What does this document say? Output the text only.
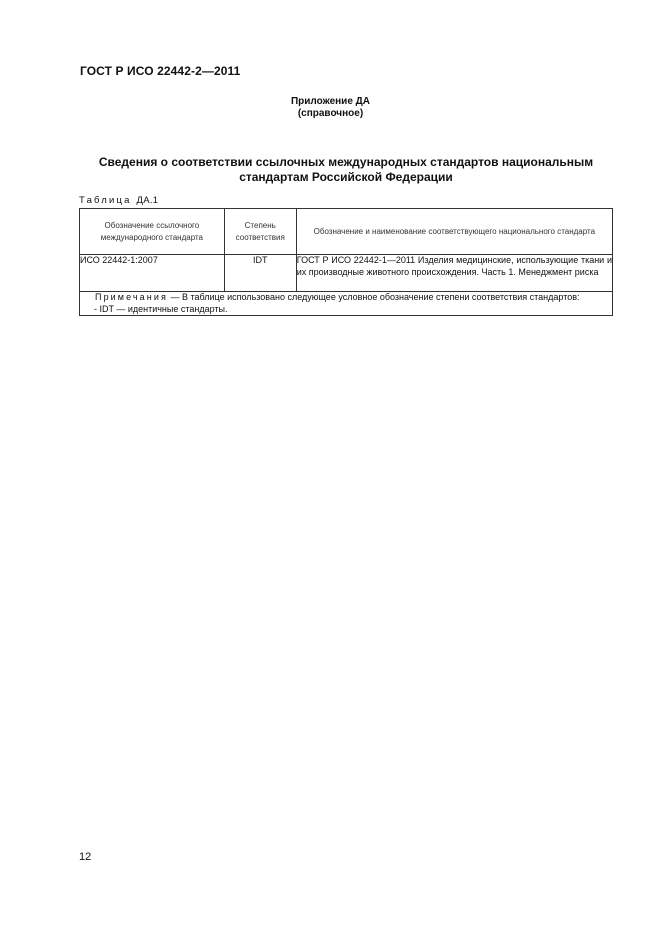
ГОСТ Р ИСО 22442-2—2011
Приложение ДА
(справочное)
Сведения о соответствии ссылочных международных стандартов национальным стандартам Российской Федерации
Таблица ДА.1
Обозначение ссылочного международного стандарта	Степень соответствия	Обозначение и наименование соответствующего национального стандарта
ИСО 22442-1:2007	IDT	ГОСТ Р ИСО 22442-1—2011 Изделия медицинские, использующие ткани и их производные животного происхождения. Часть 1. Менеджмент риска
Примечания — В таблице использовано следующее условное обозначение степени соответствия стандартов:
- IDT — идентичные стандарты.		
12
